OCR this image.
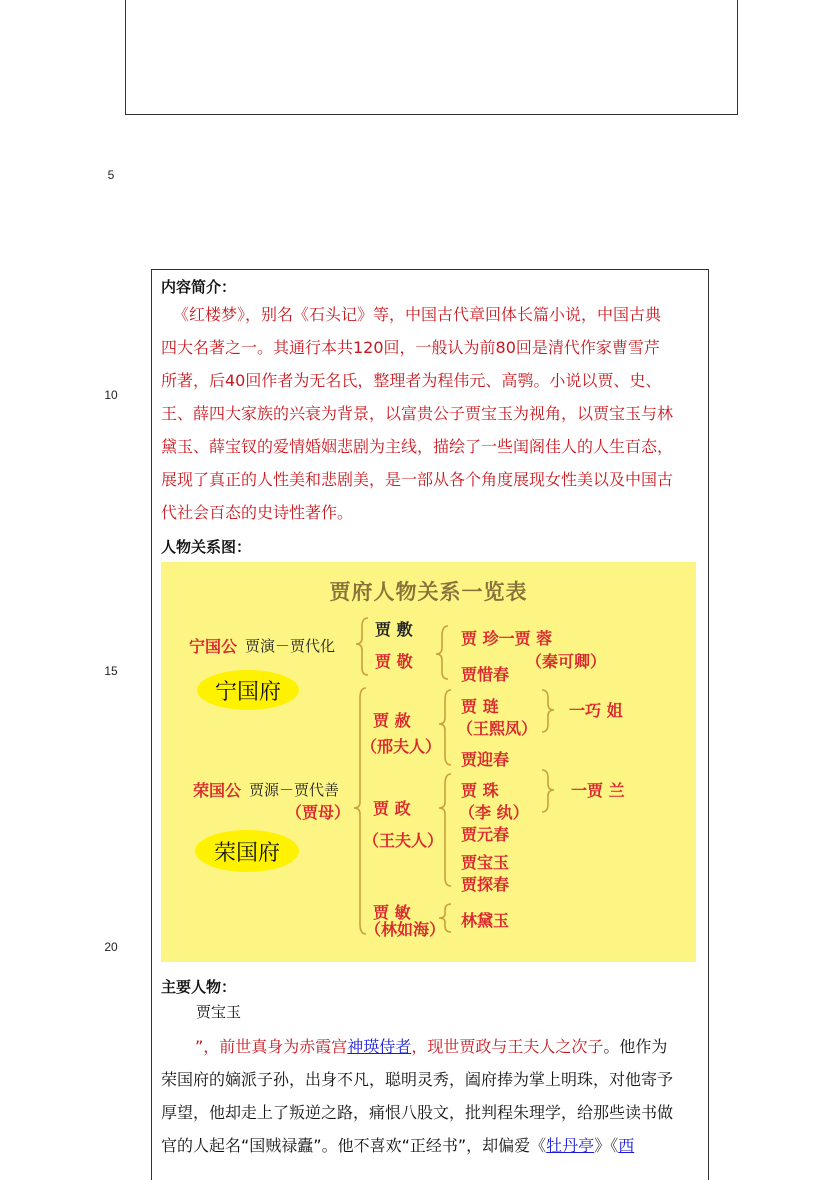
5
10
15
20
内容简介：
《红楼梦》，别名《石头记》等，中国古代章回体长篇小说，中国古典
四大名著之一。其通行本共120回，一般认为前80回是清代作家曹雪芹
所著，后40回作者为无名氏，整理者为程伟元、高鹗。小说以贾、史、
王、薛四大家族的兴衰为背景，以富贵公子贾宝玉为视角，以贾宝玉与林
黛玉、薛宝钗的爱情婚姻悲剧为主线，描绘了一些闺阁佳人的人生百态，
展现了真正的人性美和悲剧美，是一部从各个角度展现女性美以及中国古
代社会百态的史诗性著作。
人物关系图：
贾府人物关系一览表
宁国公 贾演－贾代化
宁国府
贾 敷
贾 敬
贾 珍一贾 蓉
（秦可卿）
贾惜春
荣国公 贾源－贾代善
（贾母）
荣国府
贾 赦
（邢夫人）
贾 琏
（王熙凤）
一巧 姐
贾迎春
贾 政
（王夫人）
贾 珠
（李 纨）
一贾 兰
贾元春
贾宝玉
贾探春
贾 敏
（林如海） 林黛玉
主要人物：
贾宝玉
”，前世真身为赤霞宫神瑛侍者，现世贾政与王夫人之次子。他作为
荣国府的嫡派子孙，出身不凡，聪明灵秀，阖府捧为掌上明珠，对他寄予
厚望，他却走上了叛逆之路，痛恨八股文，批判程朱理学，给那些读书做
官的人起名“国贼禄蠹”。他不喜欢“正经书”，却偏爱《牡丹亭》《西
